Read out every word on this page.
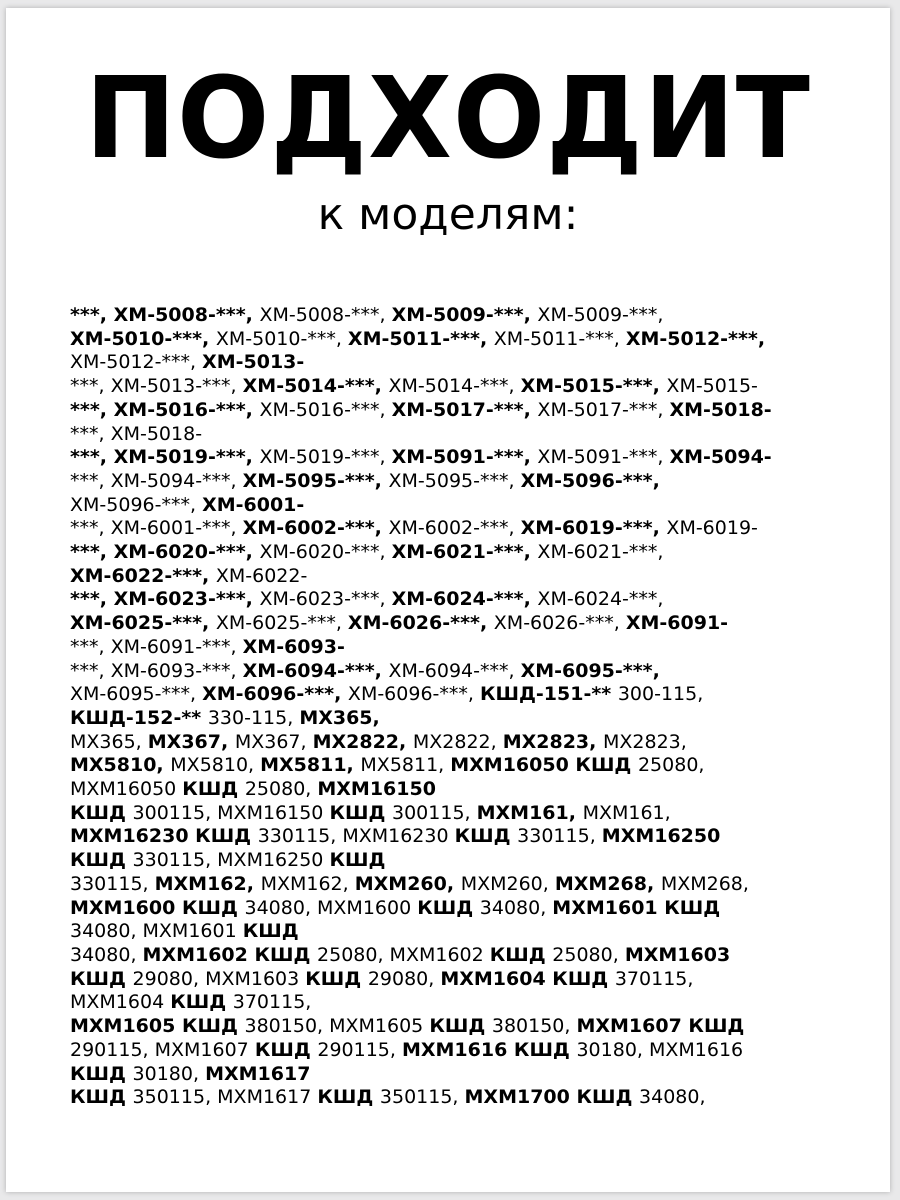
ПОДХОДИТ
к моделям:
***, ХМ-5008-***, ХМ-5008-***, ХМ-5009-***, ХМ-5009-***,
ХМ-5010-***, ХМ-5010-***, ХМ-5011-***, ХМ-5011-***, ХМ-5012-***,
ХМ-5012-***, ХМ-5013-
***, ХМ-5013-***, ХМ-5014-***, ХМ-5014-***, ХМ-5015-***, ХМ-5015-
***, ХМ-5016-***, ХМ-5016-***, ХМ-5017-***, ХМ-5017-***, ХМ-5018-
***, ХМ-5018-
***, ХМ-5019-***, ХМ-5019-***, ХМ-5091-***, ХМ-5091-***, ХМ-5094-
***, ХМ-5094-***, ХМ-5095-***, ХМ-5095-***, ХМ-5096-***,
ХМ-5096-***, ХМ-6001-
***, ХМ-6001-***, ХМ-6002-***, ХМ-6002-***, ХМ-6019-***, ХМ-6019-
***, ХМ-6020-***, ХМ-6020-***, ХМ-6021-***, ХМ-6021-***,
ХМ-6022-***, ХМ-6022-
***, ХМ-6023-***, ХМ-6023-***, ХМ-6024-***, ХМ-6024-***,
ХМ-6025-***, ХМ-6025-***, ХМ-6026-***, ХМ-6026-***, ХМ-6091-
***, ХМ-6091-***, ХМ-6093-
***, ХМ-6093-***, ХМ-6094-***, ХМ-6094-***, ХМ-6095-***,
ХМ-6095-***, ХМ-6096-***, ХМ-6096-***, КШД-151-** 300-115,
КШД-152-** 330-115, МХ365,
МХ365, МХ367, МХ367, МХ2822, МХ2822, МХ2823, МХ2823,
МХ5810, МХ5810, МХ5811, МХ5811, МХМ16050 КШД 25080,
МХМ16050 КШД 25080, МХМ16150
КШД 300115, МХМ16150 КШД 300115, МХМ161, МХМ161,
МХМ16230 КШД 330115, МХМ16230 КШД 330115, МХМ16250
КШД 330115, МХМ16250 КШД
330115, МХМ162, МХМ162, МХМ260, МХМ260, МХМ268, МХМ268,
МХМ1600 КШД 34080, МХМ1600 КШД 34080, МХМ1601 КШД
34080, МХМ1601 КШД
34080, МХМ1602 КШД 25080, МХМ1602 КШД 25080, МХМ1603
КШД 29080, МХМ1603 КШД 29080, МХМ1604 КШД 370115,
МХМ1604 КШД 370115,
МХМ1605 КШД 380150, МХМ1605 КШД 380150, МХМ1607 КШД
290115, МХМ1607 КШД 290115, МХМ1616 КШД 30180, МХМ1616
КШД 30180, МХМ1617
КШД 350115, МХМ1617 КШД 350115, МХМ1700 КШД 34080,
